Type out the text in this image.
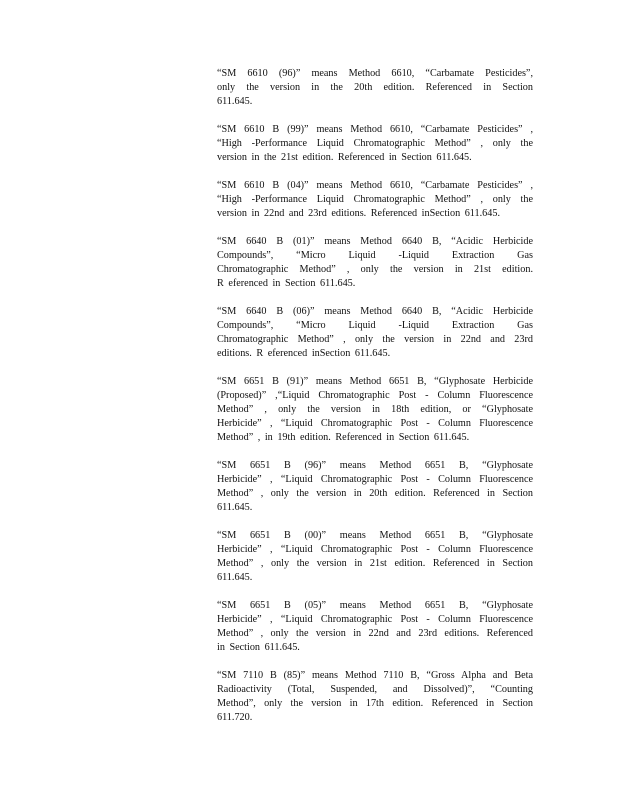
“SM 6610 (96)” means Method 6610, “Carbamate Pesticides”,
only the version in the 20th edition. Referenced in Section
611.645.
“SM 6610 B (99)” means Method 6610, “Carbamate Pesticides” ,
“High -Performance Liquid Chromatographic Method” , only the
version in the 21st edition. Referenced in Section 611.645.
“SM 6610 B (04)” means Method 6610, “Carbamate Pesticides” ,
“High -Performance Liquid Chromatographic Method” , only the
version in 22nd and 23rd editions. Referenced inSection 611.645.
“SM 6640 B (01)” means Method 6640 B, “Acidic Herbicide
Compounds”, “Micro Liquid -Liquid Extraction Gas
Chromatographic Method” , only the version in 21st edition.
R eferenced in Section 611.645.
“SM 6640 B (06)” means Method 6640 B, “Acidic Herbicide
Compounds”, “Micro Liquid -Liquid Extraction Gas
Chromatographic Method” , only the version in 22nd and 23rd
editions. R eferenced inSection 611.645.
“SM 6651 B (91)” means Method 6651 B, “Glyphosate Herbicide
(Proposed)” ,“Liquid Chromatographic Post - Column Fluorescence
Method” , only the version in 18th edition, or “Glyphosate
Herbicide” , “Liquid Chromatographic Post - Column Fluorescence
Method” , in 19th edition. Referenced in Section 611.645.
“SM 6651 B (96)” means Method 6651 B, “Glyphosate
Herbicide” , “Liquid Chromatographic Post - Column Fluorescence
Method” , only the version in 20th edition. Referenced in Section
611.645.
“SM 6651 B (00)” means Method 6651 B, “Glyphosate
Herbicide” , “Liquid Chromatographic Post - Column Fluorescence
Method” , only the version in 21st edition. Referenced in Section
611.645.
“SM 6651 B (05)” means Method 6651 B, “Glyphosate
Herbicide” , “Liquid Chromatographic Post - Column Fluorescence
Method” , only the version in 22nd and 23rd editions. Referenced
in Section 611.645.
“SM 7110 B (85)” means Method 7110 B, “Gross Alpha and Beta
Radioactivity (Total, Suspended, and Dissolved)”, “Counting
Method”, only the version in 17th edition. Referenced in Section
611.720.
